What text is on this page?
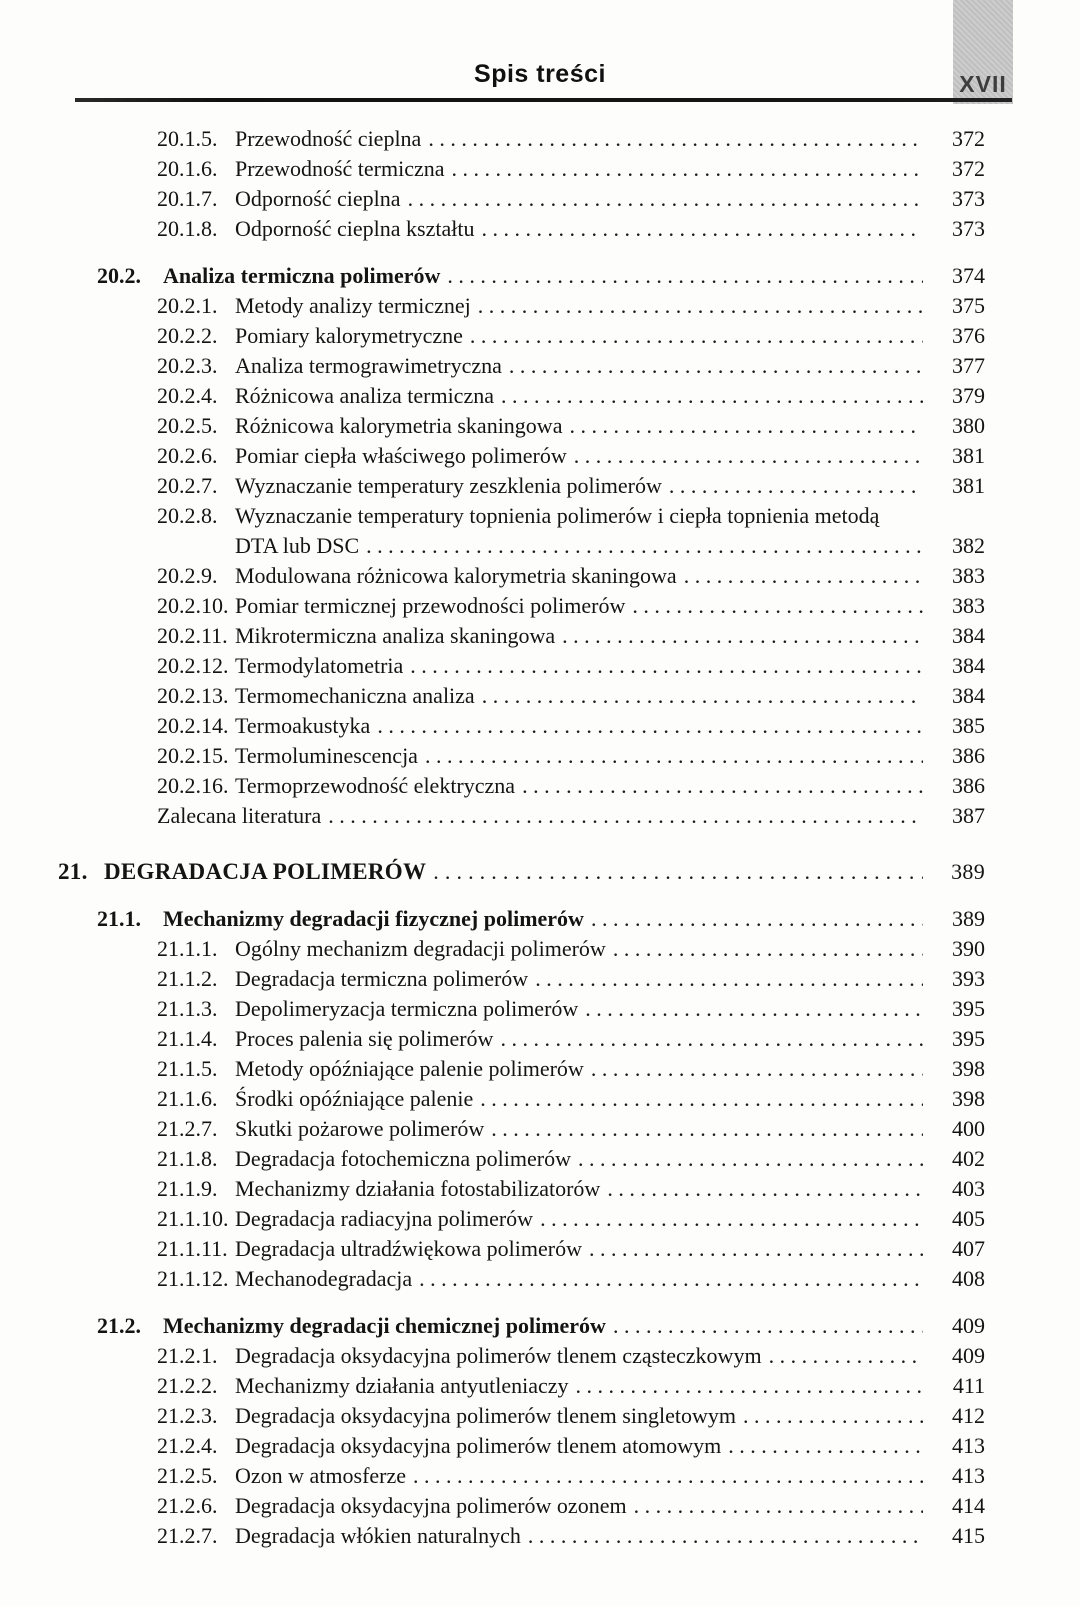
Spis treści	XVII
20.1.5. Przewodność cieplna . . .	372
20.1.6. Przewodność termiczna . . .	372
20.1.7. Odporność cieplna . . .	373
20.1.8. Odporność cieplna kształtu . . .	373
20.2.	Analiza termiczna polimerów . . .	374
20.2.1. Metody analizy termicznej . . .	375
20.2.2. Pomiary kalorymetryczne . . .	376
20.2.3. Analiza termograwimetryczna . . .	377
20.2.4. Różnicowa analiza termiczna . . .	379
20.2.5. Różnicowa kalorymetria skaningowa . . .	380
20.2.6. Pomiar ciepła właściwego polimerów . . .	381
20.2.7. Wyznaczanie temperatury zeszklenia polimerów . . .	381
20.2.8. Wyznaczanie temperatury topnienia polimerów i ciepła topnienia metodą
DTA lub DSC . . .	382
20.2.9. Modulowana różnicowa kalorymetria skaningowa . . .	383
20.2.10. Pomiar termicznej przewodności polimerów . . .	383
20.2.11. Mikrotermiczna analiza skaningowa . . .	384
20.2.12. Termodylatometria . . .	384
20.2.13. Termomechaniczna analiza . . .	384
20.2.14. Termoakustyka . . .	385
20.2.15. Termoluminescencja . . .	386
20.2.16. Termoprzewodność elektryczna . . .	386
Zalecana literatura . . .	387
21. DEGRADACJA POLIMERÓW . . .	389
21.1.	Mechanizmy degradacji fizycznej polimerów . . .	389
21.1.1. Ogólny mechanizm degradacji polimerów . . .	390
21.1.2. Degradacja termiczna polimerów . . .	393
21.1.3. Depolimeryzacja termiczna polimerów . . .	395
21.1.4. Proces palenia się polimerów . . .	395
21.1.5. Metody opóźniające palenie polimerów . . .	398
21.1.6. Środki opóźniające palenie . . .	398
21.2.7. Skutki pożarowe polimerów . . .	400
21.1.8. Degradacja fotochemiczna polimerów . . .	402
21.1.9. Mechanizmy działania fotostabilizatorów . . .	403
21.1.10. Degradacja radiacyjna polimerów . . .	405
21.1.11. Degradacja ultradźwiękowa polimerów . . .	407
21.1.12. Mechanodegradacja . . .	408
21.2.	Mechanizmy degradacji chemicznej polimerów . . .	409
21.2.1. Degradacja oksydacyjna polimerów tlenem cząsteczkowym . . .	409
21.2.2. Mechanizmy działania antyutleniaczy . . .	411
21.2.3. Degradacja oksydacyjna polimerów tlenem singletowym . . .	412
21.2.4. Degradacja oksydacyjna polimerów tlenem atomowym . . .	413
21.2.5. Ozon w atmosferze . . .	413
21.2.6. Degradacja oksydacyjna polimerów ozonem . . .	414
21.2.7. Degradacja włókien naturalnych . . .	415
